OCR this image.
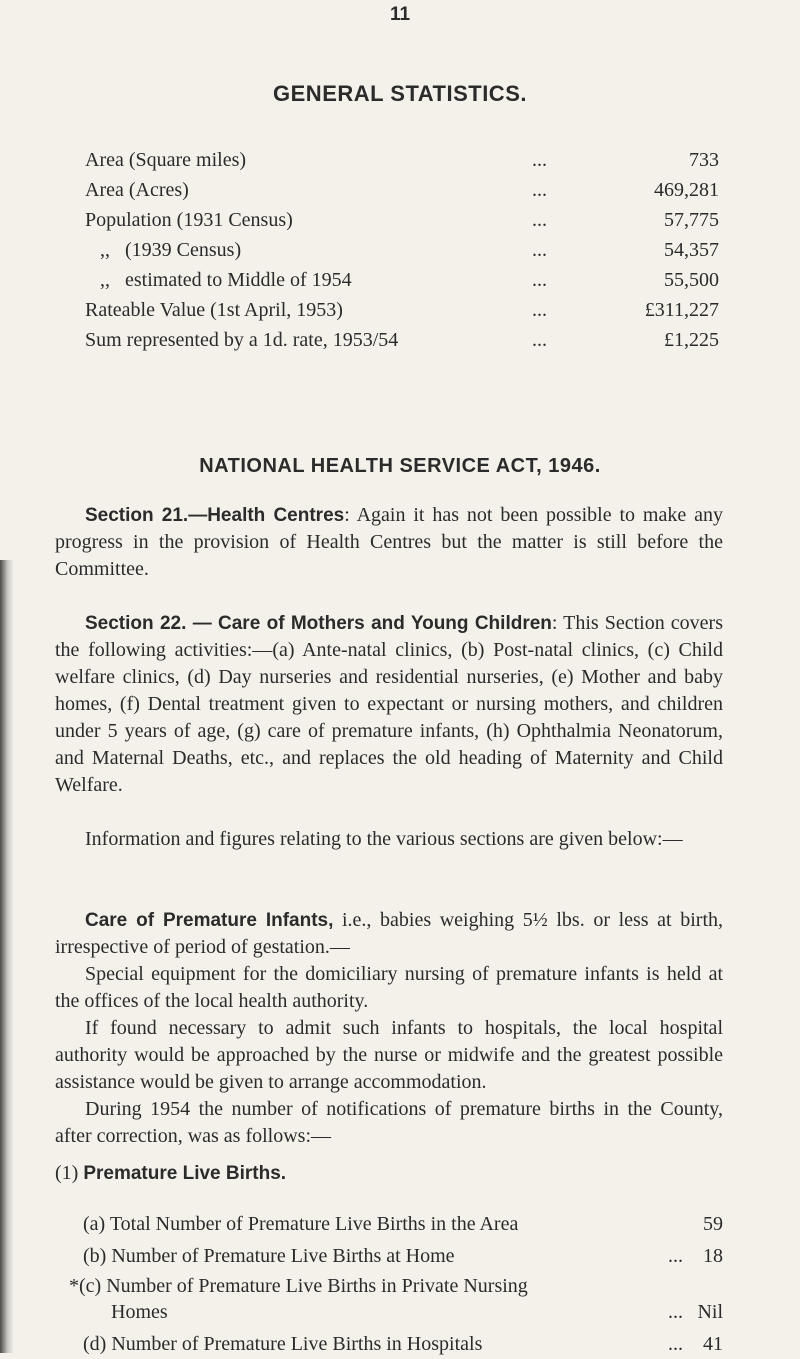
11
GENERAL STATISTICS.
Area (Square miles)	...	733
Area (Acres)	...	469,281
Population (1931 Census)	...	57,775
,,   (1939 Census)	...	54,357
,,   estimated to Middle of 1954	...	55,500
Rateable Value (1st April, 1953)	...	£311,227
Sum represented by a 1d. rate, 1953/54	...	£1,225
NATIONAL HEALTH SERVICE ACT, 1946.

Section 21.—Health Centres: Again it has not been possible to make any progress in the provision of Health Centres but the matter is still before the Committee.

Section 22. — Care of Mothers and Young Children: This Section covers the following activities:—(a) Ante-natal clinics, (b) Post-natal clinics, (c) Child welfare clinics, (d) Day nurseries and residential nurseries, (e) Mother and baby homes, (f) Dental treatment given to expectant or nursing mothers, and children under 5 years of age, (g) care of premature infants, (h) Ophthalmia Neonatorum, and Maternal Deaths, etc., and replaces the old heading of Maternity and Child Welfare.

Information and figures relating to the various sections are given below:—

Care of Premature Infants, i.e., babies weighing 5½ lbs. or less at birth, irrespective of period of gestation.—

Special equipment for the domiciliary nursing of premature infants is held at the offices of the local health authority.

If found necessary to admit such infants to hospitals, the local hospital authority would be approached by the nurse or midwife and the greatest possible assistance would be given to arrange accommodation.

During 1954 the number of notifications of premature births in the County, after correction, was as follows:—

(1) Premature Live Births.
(a) Total Number of Premature Live Births in the Area	59
(b) Number of Premature Live Births at Home	... 18
*(c) Number of Premature Live Births in Private Nursing
Homes	... Nil
(d) Number of Premature Live Births in Hospitals	... 41
